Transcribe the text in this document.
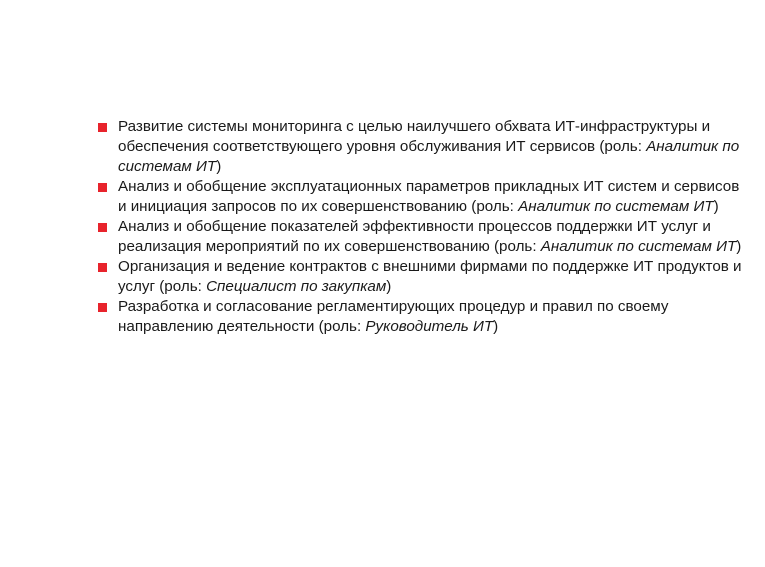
Развитие системы мониторинга с целью наилучшего обхвата ИТ-инфраструктуры и обеспечения соответствующего уровня обслуживания ИТ сервисов (роль: Аналитик по системам ИТ)
Анализ и обобщение эксплуатационных параметров прикладных ИТ систем и сервисов и инициация запросов по их совершенствованию (роль: Аналитик по системам ИТ)
Анализ и обобщение показателей эффективности процессов поддержки ИТ услуг и реализация мероприятий по их совершенствованию (роль: Аналитик по системам ИТ)
Организация и ведение контрактов с внешними фирмами по поддержке ИТ продуктов и услуг (роль: Специалист по закупкам)
Разработка и согласование регламентирующих процедур и правил по своему направлению деятельности (роль: Руководитель ИТ)
